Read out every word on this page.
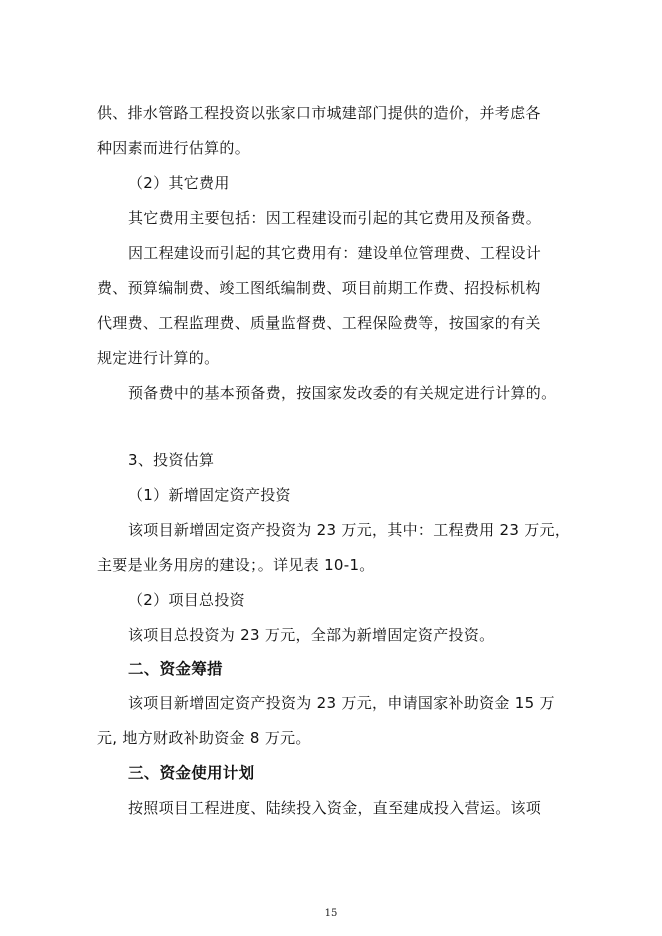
供、排水管路工程投资以张家口市城建部门提供的造价，并考虑各
种因素而进行估算的。
（2）其它费用
其它费用主要包括：因工程建设而引起的其它费用及预备费。
因工程建设而引起的其它费用有：建设单位管理费、工程设计
费、预算编制费、竣工图纸编制费、项目前期工作费、招投标机构
代理费、工程监理费、质量监督费、工程保险费等，按国家的有关
规定进行计算的。
预备费中的基本预备费，按国家发改委的有关规定进行计算的。
3、投资估算
（1）新增固定资产投资
该项目新增固定资产投资为 23 万元，其中：工程费用 23 万元，
主要是业务用房的建设；。详见表 10-1。
（2）项目总投资
该项目总投资为 23 万元，全部为新增固定资产投资。
二、资金筹措
该项目新增固定资产投资为 23 万元，申请国家补助资金 15 万
元, 地方财政补助资金 8 万元。
三、资金使用计划
按照项目工程进度、陆续投入资金，直至建成投入营运。该项
15
